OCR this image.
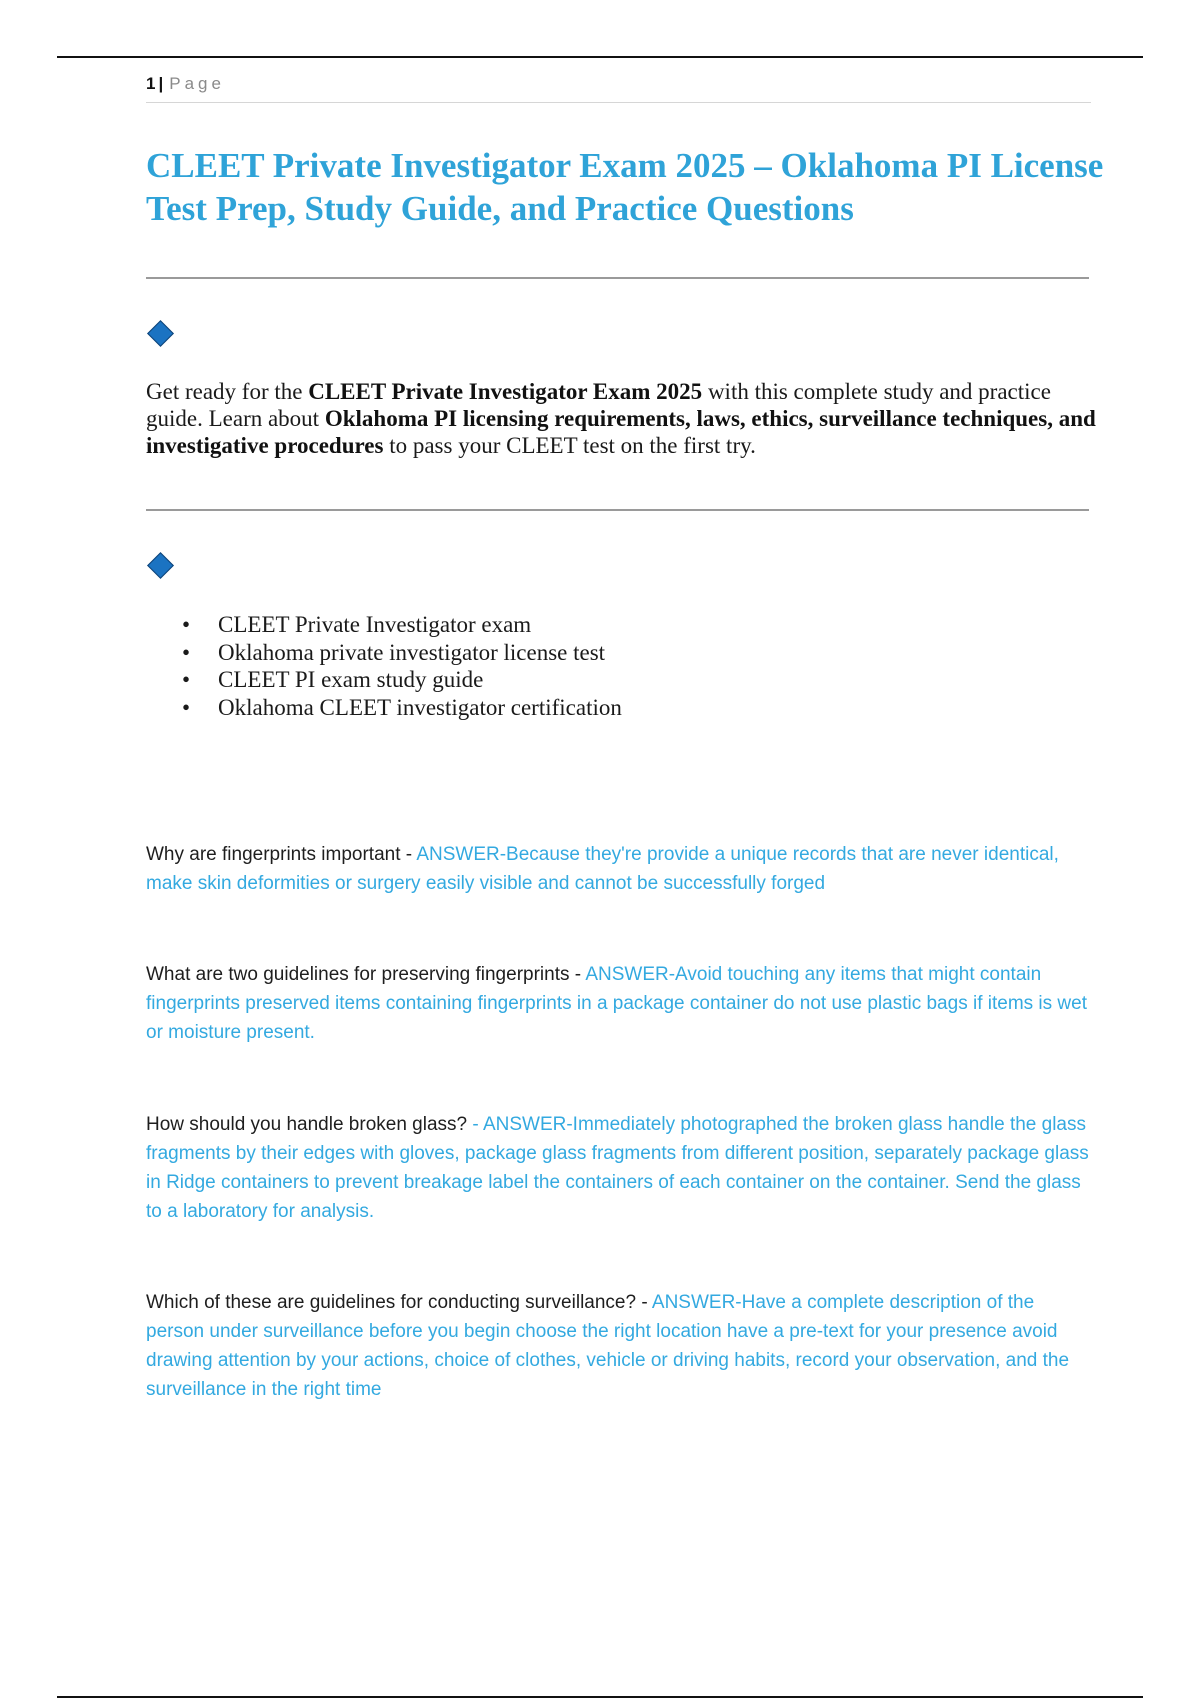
1 | Page
CLEET Private Investigator Exam 2025 – Oklahoma PI License Test Prep, Study Guide, and Practice Questions

Get ready for the CLEET Private Investigator Exam 2025 with this complete study and practice guide. Learn about Oklahoma PI licensing requirements, laws, ethics, surveillance techniques, and investigative procedures to pass your CLEET test on the first try.

• CLEET Private Investigator exam
• Oklahoma private investigator license test
• CLEET PI exam study guide
• Oklahoma CLEET investigator certification

Why are fingerprints important - ANSWER-Because they're provide a unique records that are never identical, make skin deformities or surgery easily visible and cannot be successfully forged

What are two guidelines for preserving fingerprints - ANSWER-Avoid touching any items that might contain fingerprints preserved items containing fingerprints in a package container do not use plastic bags if items is wet or moisture present.

How should you handle broken glass? - ANSWER-Immediately photographed the broken glass handle the glass fragments by their edges with gloves, package glass fragments from different position, separately package glass in Ridge containers to prevent breakage label the containers of each container on the container. Send the glass to a laboratory for analysis.

Which of these are guidelines for conducting surveillance? - ANSWER-Have a complete description of the person under surveillance before you begin choose the right location have a pre-text for your presence avoid drawing attention by your actions, choice of clothes, vehicle or driving habits, record your observation, and the surveillance in the right time
